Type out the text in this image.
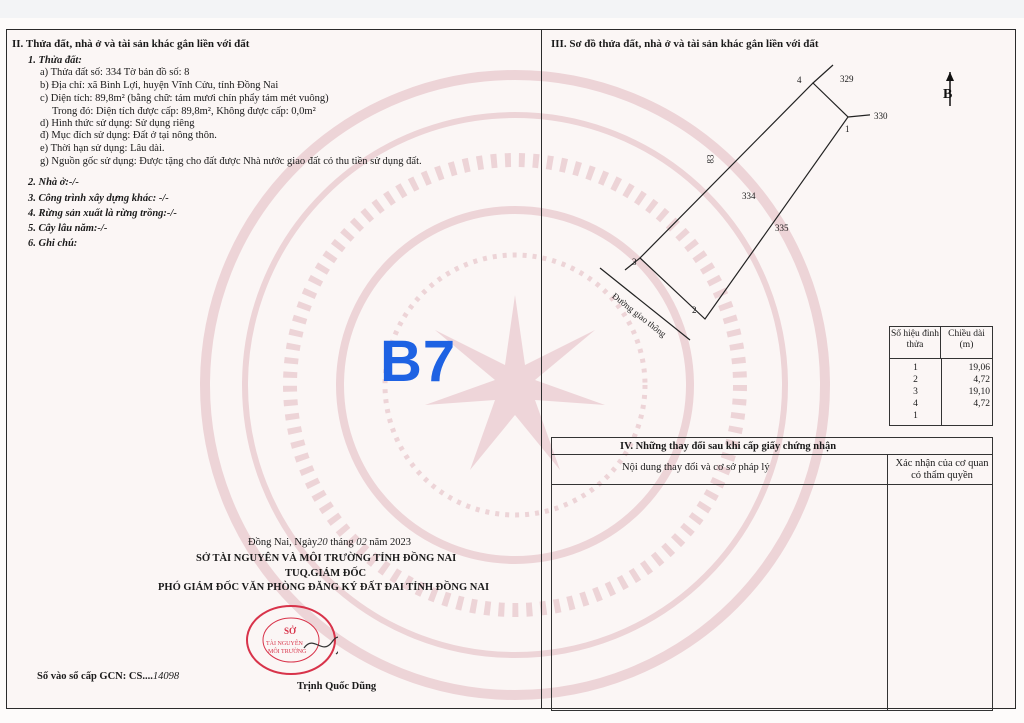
II. Thửa đất, nhà ở và tài sản khác gắn liền với đất
1. Thửa đất:
a) Thửa đất số: 334 Tờ bản đồ số: 8
b) Địa chỉ: xã Bình Lợi, huyện Vĩnh Cửu, tỉnh Đồng Nai
c) Diện tích: 89,8m² (bằng chữ: tám mươi chín phẩy tám mét vuông)
Trong đó: Diện tích được cấp: 89,8m², Không được cấp: 0,0m²
d) Hình thức sử dụng: Sử dụng riêng
đ) Mục đích sử dụng: Đất ở tại nông thôn.
e) Thời hạn sử dụng: Lâu dài.
g) Nguồn gốc sử dụng: Được tặng cho đất được Nhà nước giao đất có thu tiền sử dụng đất.
2. Nhà ở:-/-
3. Công trình xây dựng khác: -/-
4. Rừng sản xuất là rừng trồng:-/-
5. Cây lâu năm:-/-
6. Ghi chú:
III. Sơ đồ thửa đất, nhà ở và tài sản khác gắn liền với đất
329
330
83
334
335
Đường giao thông
1
2
3
4
B
Số hiệu đỉnh thửa
Chiều dài (m)
1	19,06
2	4,72
3	19,10
4	4,72
1
IV. Những thay đổi sau khi cấp giấy chứng nhận
Nội dung thay đổi và cơ sở pháp lý	Xác nhận của cơ quan có thẩm quyền
Đồng Nai, Ngày20 tháng 02 năm 2023
SỞ TÀI NGUYÊN VÀ MÔI TRƯỜNG TỈNH ĐỒNG NAI
TUQ.GIÁM ĐỐC
PHÓ GIÁM ĐỐC VĂN PHÒNG ĐĂNG KÝ ĐẤT ĐAI TỈNH ĐỒNG NAI
SỞ
TÀI NGUYÊN
MÔI TRƯỜNG
Số vào sổ cấp GCN: CS....14098
Trịnh Quốc Dũng
B7
